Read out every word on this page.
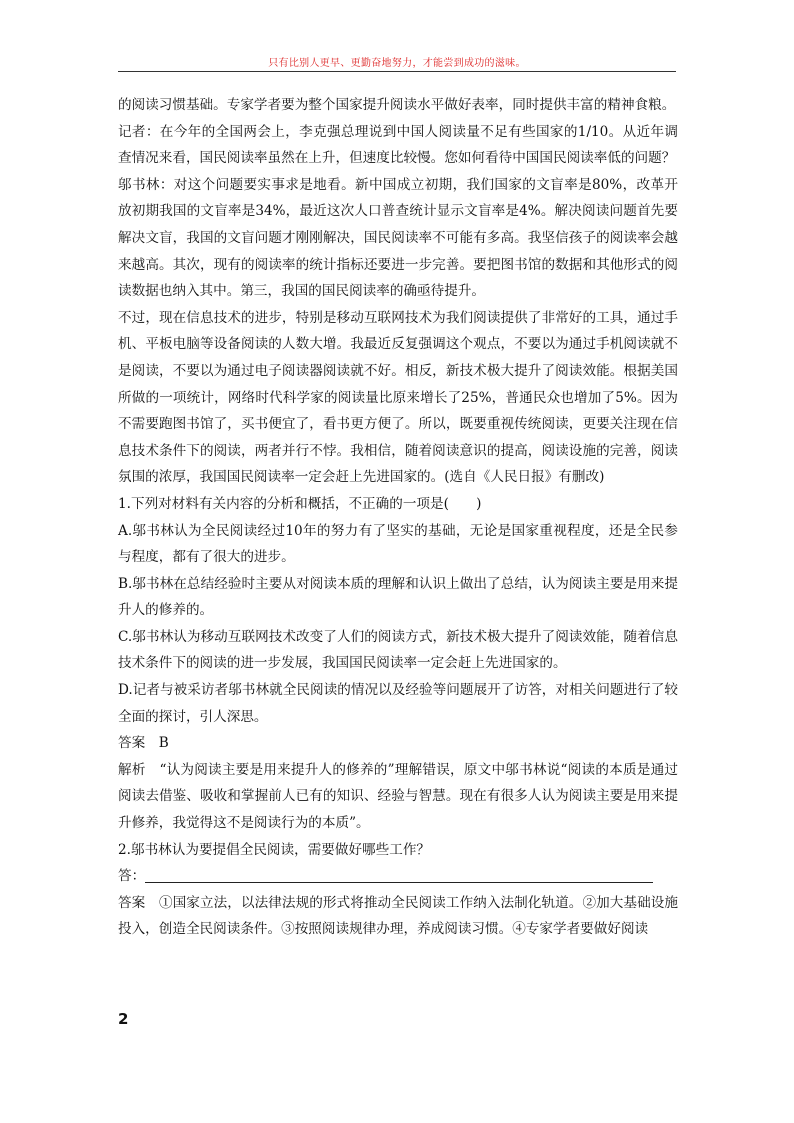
只有比别人更早、更勤奋地努力，才能尝到成功的滋味。

的阅读习惯基础。专家学者要为整个国家提升阅读水平做好表率，同时提供丰富的精神食粮。

记者：在今年的全国两会上，李克强总理说到中国人阅读量不足有些国家的1/10。从近年调查情况来看，国民阅读率虽然在上升，但速度比较慢。您如何看待中国国民阅读率低的问题？

邬书林：对这个问题要实事求是地看。新中国成立初期，我们国家的文盲率是80%，改革开放初期我国的文盲率是34%，最近这次人口普查统计显示文盲率是4%。解决阅读问题首先要解决文盲，我国的文盲问题才刚刚解决，国民阅读率不可能有多高。我坚信孩子的阅读率会越来越高。其次，现有的阅读率的统计指标还要进一步完善。要把图书馆的数据和其他形式的阅读数据也纳入其中。第三，我国的国民阅读率的确亟待提升。

不过，现在信息技术的进步，特别是移动互联网技术为我们阅读提供了非常好的工具，通过手机、平板电脑等设备阅读的人数大增。我最近反复强调这个观点，不要以为通过手机阅读就不是阅读，不要以为通过电子阅读器阅读就不好。相反，新技术极大提升了阅读效能。根据美国所做的一项统计，网络时代科学家的阅读量比原来增长了25%，普通民众也增加了5%。因为不需要跑图书馆了，买书便宜了，看书更方便了。所以，既要重视传统阅读，更要关注现在信息技术条件下的阅读，两者并行不悖。我相信，随着阅读意识的提高，阅读设施的完善，阅读氛围的浓厚，我国国民阅读率一定会赶上先进国家的。(选自《人民日报》有删改)

1.下列对材料有关内容的分析和概括，不正确的一项是(　　)

A.邬书林认为全民阅读经过10年的努力有了坚实的基础，无论是国家重视程度，还是全民参与程度，都有了很大的进步。

B.邬书林在总结经验时主要从对阅读本质的理解和认识上做出了总结，认为阅读主要是用来提升人的修养的。

C.邬书林认为移动互联网技术改变了人们的阅读方式，新技术极大提升了阅读效能，随着信息技术条件下的阅读的进一步发展，我国国民阅读率一定会赶上先进国家的。

D.记者与被采访者邬书林就全民阅读的情况以及经验等问题展开了访答，对相关问题进行了较全面的探讨，引人深思。

答案　B

解析　“认为阅读主要是用来提升人的修养的”理解错误，原文中邬书林说“阅读的本质是通过阅读去借鉴、吸收和掌握前人已有的知识、经验与智慧。现在有很多人认为阅读主要是用来提升修养，我觉得这不是阅读行为的本质”。

2.邬书林认为要提倡全民阅读，需要做好哪些工作？

答：

答案　①国家立法，以法律法规的形式将推动全民阅读工作纳入法制化轨道。②加大基础设施投入，创造全民阅读条件。③按照阅读规律办理，养成阅读习惯。④专家学者要做好阅读

2
